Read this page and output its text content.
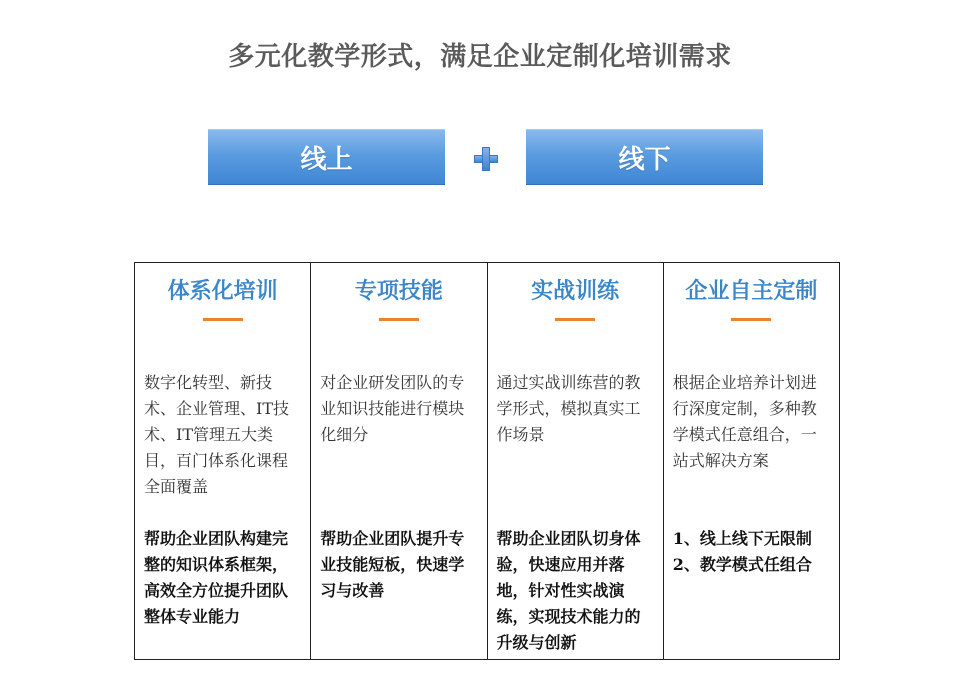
多元化教学形式，满足企业定制化培训需求
线上	线下
体系化培训
数字化转型、新技术、企业管理、IT技术、IT管理五大类目，百门体系化课程全面覆盖
帮助企业团队构建完整的知识体系框架，高效全方位提升团队整体专业能力
专项技能
对企业研发团队的专业知识技能进行模块化细分
帮助企业团队提升专业技能短板，快速学习与改善
实战训练
通过实战训练营的教学形式，模拟真实工作场景
帮助企业团队切身体验，快速应用并落地，针对性实战演练，实现技术能力的升级与创新
企业自主定制
根据企业培养计划进行深度定制，多种教学模式任意组合，一站式解决方案
1、线上线下无限制
2、教学模式任组合
